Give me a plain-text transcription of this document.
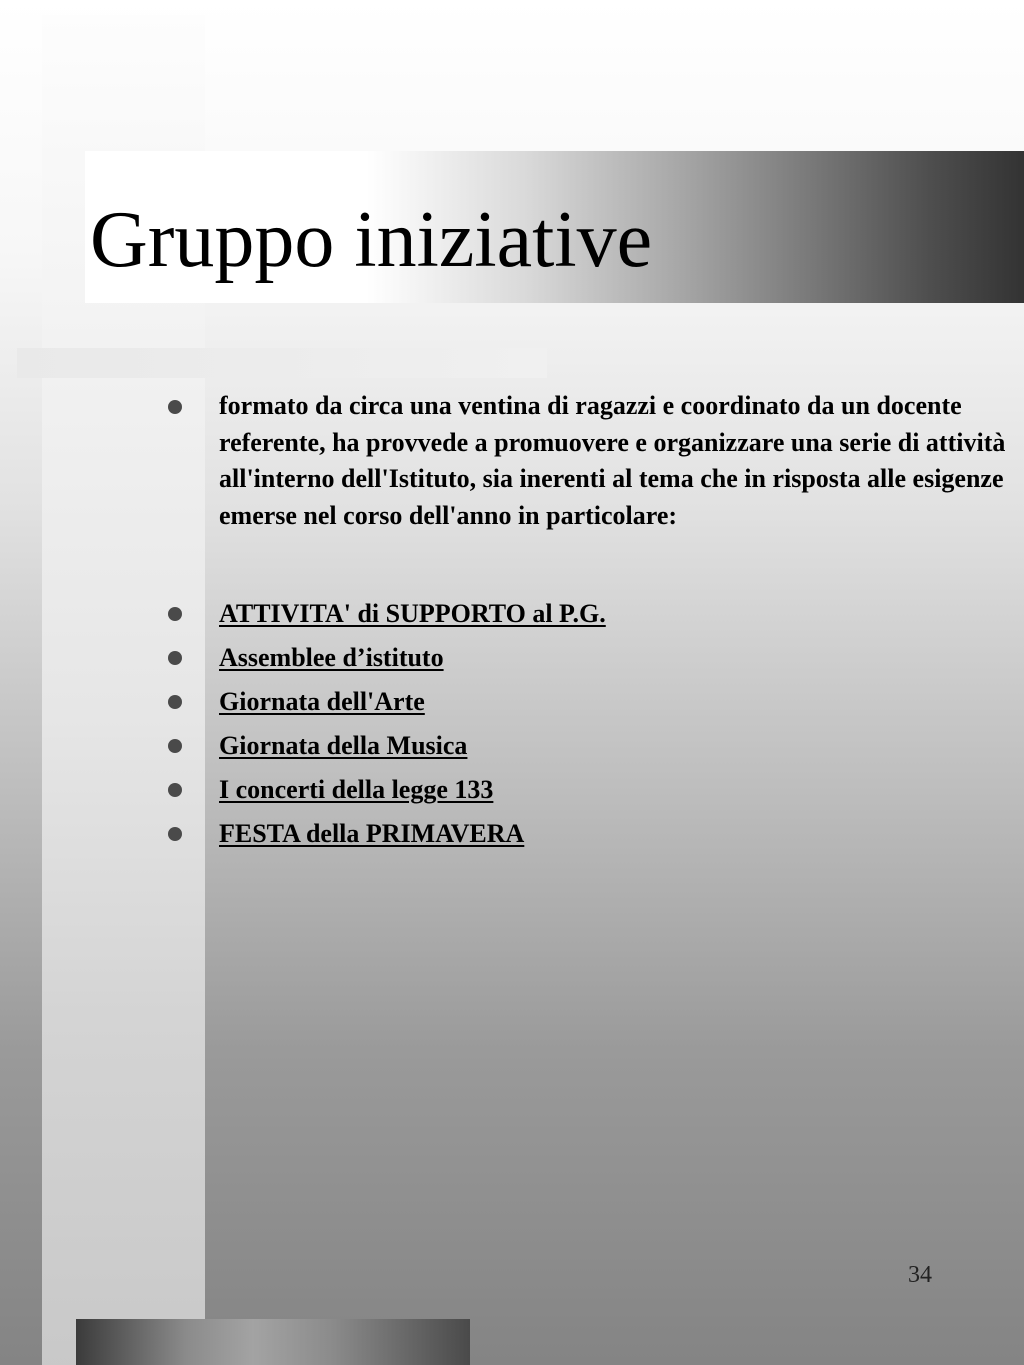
Gruppo iniziative
formato da circa una ventina di ragazzi e coordinato da un docente referente, ha provvede a promuovere e organizzare una serie di attività all'interno dell'Istituto, sia inerenti al tema che in risposta alle esigenze emerse nel corso dell'anno in particolare:
ATTIVITA' di SUPPORTO al P.G.
Assemblee d’istituto
Giornata dell'Arte
Giornata della Musica
I concerti della legge 133
FESTA della PRIMAVERA
34
